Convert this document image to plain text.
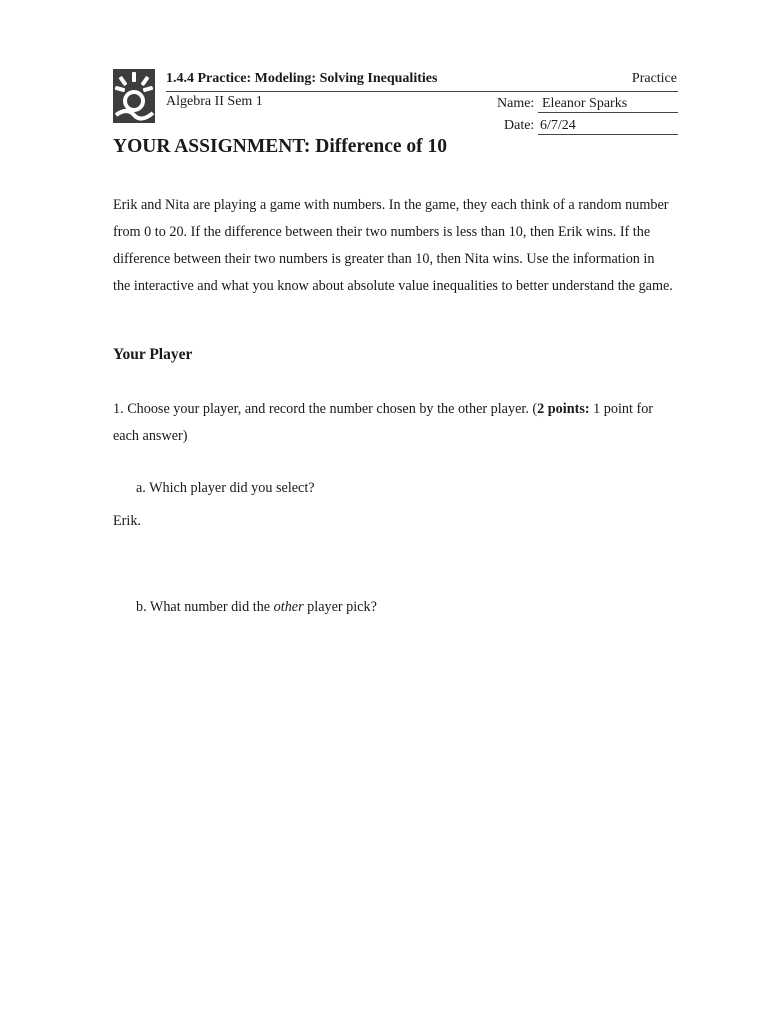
1.4.4 Practice: Modeling: Solving Inequalities	Practice
Algebra II Sem 1	Name: Eleanor Sparks
Date: 6/7/24
YOUR ASSIGNMENT: Difference of 10
Erik and Nita are playing a game with numbers. In the game, they each think of a random number from 0 to 20. If the difference between their two numbers is less than 10, then Erik wins. If the difference between their two numbers is greater than 10, then Nita wins. Use the information in the interactive and what you know about absolute value inequalities to better understand the game.
Your Player
1. Choose your player, and record the number chosen by the other player. (2 points: 1 point for each answer)
a. Which player did you select?
Erik.
b. What number did the other player pick?
